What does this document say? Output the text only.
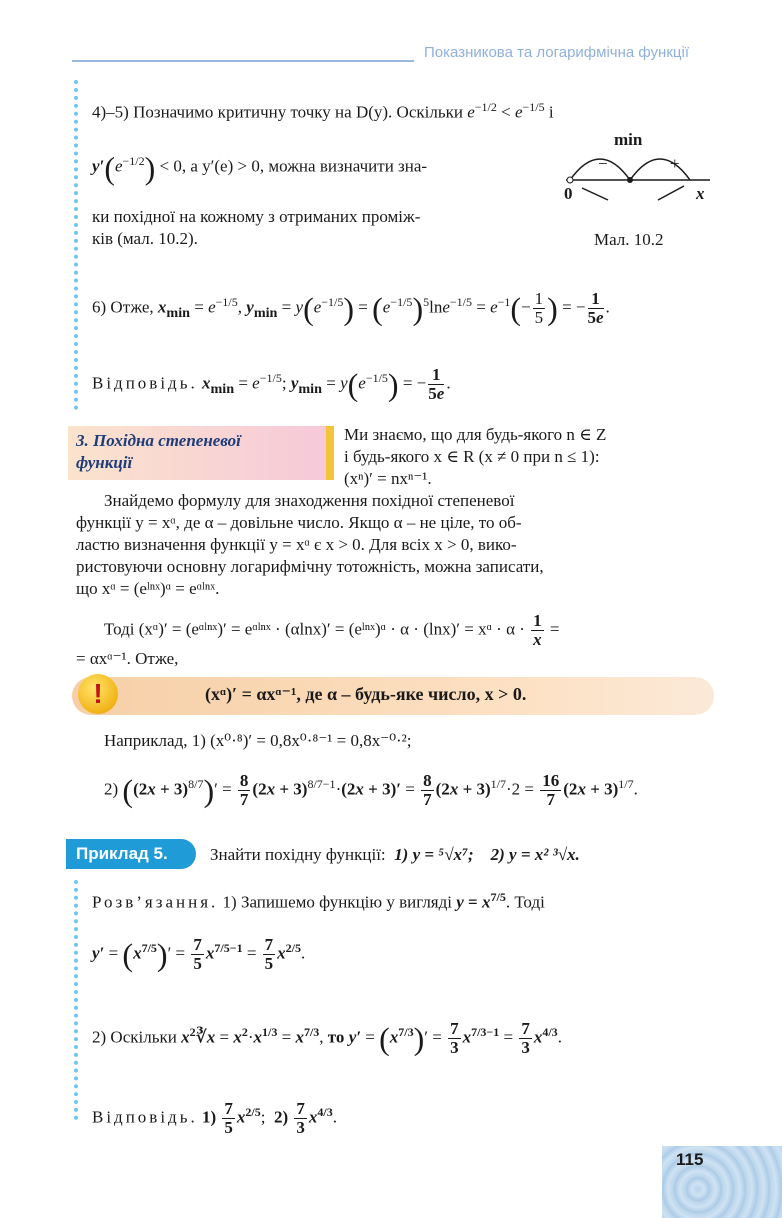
Показникова та логарифмічна функції
4)–5) Позначимо критичну точку на D(y). Оскільки $e^{-1/2} < e^{-1/5}$ і
$y'(e^{-1/2}) < 0$, а y′(e) > 0, можна визначити зна-
ки похідної на кожному з отриманих проміж-
ків (мал. 10.2).
min
−	+
0	x
Мал. 10.2
6) Отже, $x_{min} = e^{-1/5}$, $y_{min} = y(e^{-1/5}) = (e^{-1/5})^5\ln e^{-1/5} = e^{-1}(- \frac{1}{5}$ ) = − $\frac{1}{5e}$ .
Відповідь. $x_{min} = e^{-1/5}$; $y_{min} = y(e^{-1/5})$ = − $\frac{1}{5e}$ .
3. Похідна степеневої
функції
Ми знаємо, що для будь-якого n ∈ Z
і будь-якого x ∈ R (x ≠ 0 при n ≤ 1):
(xⁿ)′ = nxⁿ⁻¹.
Знайдемо формулу для знаходження похідної степеневої
функції y = xᵅ, де α – довільне число. Якщо α – не ціле, то об-
ластю визначення функції y = xᵅ є x > 0. Для всіх x > 0, вико-
ристовуючи основну логарифмічну тотожність, можна записати,
що xᵅ = (eˡⁿˣ)ᵅ = eᵅˡⁿˣ.
Тоді (xᵅ)′ = (eᵅˡⁿˣ)′ = eᵅˡⁿˣ · (αlnx)′ = (eˡⁿˣ)ᵅ · α · (lnx)′ = xᵅ · $\alpha \cdot \frac{1}{x}$ =
= αxᵅ⁻¹. Отже,
!	(xᵅ)′ = αxᵅ⁻¹, де α – будь-яке число, x > 0.
Наприклад, 1) (x⁰·⁸)′ = 0,8x⁰·⁸⁻¹ = 0,8x⁻⁰·²;
2) $((2x + 3)^{8/7})' = \frac{8}{7} (2x + 3)^{8/7-1}\cdot(2x + 3)' = \frac{8}{7} (2x + 3)^{1/7}\cdot 2 = \frac{16}{7} (2x + 3)^{1/7}$.
Приклад 5.	Знайти похідну функції: 1) y = ⁵√x⁷; 2) y = x² ³√x.
Розв’язання. 1) Запишемо функцію у вигляді $y = x^{7/5}$. Тоді
$y' = (x^{7/5})' = \frac{7}{5} x^{7/5-1} = \frac{7}{5} x^{2/5}$.
2) Оскільки $x^2∛x = x^2\cdot x^{1/3} = x^{7/3}$, то $y' = (x^{7/3})' = \frac{7}{3} x^{7/3-1} = \frac{7}{3} x^{4/3}$.
Відповідь. $1) \frac{7}{5} x^{2/5}$;  $2) \frac{7}{3} x^{4/3}$.
115
